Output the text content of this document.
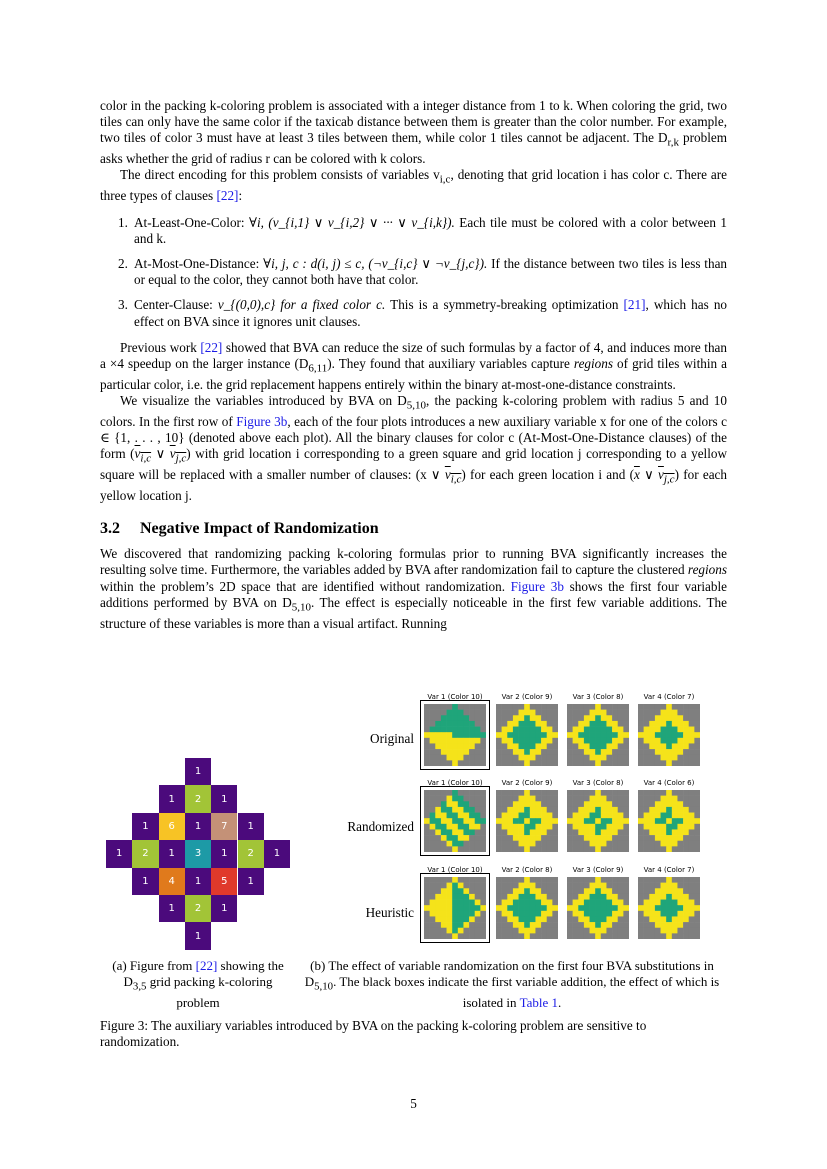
color in the packing k-coloring problem is associated with a integer distance from 1 to k. When coloring the grid, two tiles can only have the same color if the taxicab distance between them is greater than the color number. For example, two tiles of color 3 must have at least 3 tiles between them, while color 1 tiles cannot be adjacent. The $D_{r,k}$ problem asks whether the grid of radius r can be colored with k colors.

The direct encoding for this problem consists of variables $v_{i,c}$, denoting that grid location i has color c. There are three types of clauses [22]:

1. At-Least-One-Color: ∀i, (v_{i,1} ∨ v_{i,2} ∨ ··· ∨ v_{i,k}). Each tile must be colored with a color between 1 and k.
2. At-Most-One-Distance: ∀i, j, c : d(i, j) ≤ c, (¬v_{i,c} ∨ ¬v_{j,c}). If the distance between two tiles is less than or equal to the color, they cannot both have that color.
3. Center-Clause: v_{(0,0),c} for a fixed color c. This is a symmetry-breaking optimization [21], which has no effect on BVA since it ignores unit clauses.

Previous work [22] showed that BVA can reduce the size of such formulas by a factor of 4, and induces more than a ×4 speedup on the larger instance $(D_{6,11})$. They found that auxiliary variables capture regions of grid tiles within a particular color, i.e. the grid replacement happens entirely within the binary at-most-one-distance constraints.

We visualize the variables introduced by BVA on $D_{5,10}$, the packing k-coloring problem with radius 5 and 10 colors. In the first row of Figure 3b, each of the four plots introduces a new auxiliary variable x for one of the colors c ∈ {1, . . . , 10} (denoted above each plot). All the binary clauses for color c (At-Most-One-Distance clauses) of the form ($v_{i,c}$ ∨ $v_{j,c}$) with grid location i corresponding to a green square and grid location j corresponding to a yellow square will be replaced with a smaller number of clauses: (x ∨ $v_{i,c}$) for each green location i and ($\overline{x}$ ∨ $v_{j,c}$) for each yellow location j.

3.2 Negative Impact of Randomization

We discovered that randomizing packing k-coloring formulas prior to running BVA significantly increases the resulting solve time. Furthermore, the variables added by BVA after randomization fail to capture the clustered regions within the problem’s 2D space that are identified without randomization. Figure 3b shows the first four variable additions performed by BVA on $D_{5,10}$. The effect is especially noticeable in the first few variable additions. The structure of these variables is more than a visual artifact. Running

1
1	2	1
1	6	1	7	1
1	2	1	3	1	2	1
1	4	1	5	1
1	2	1
1
Original
Randomized
Heuristic
Var 1 (Color 10)	Var 2 (Color 9)	Var 3 (Color 8)	Var 4 (Color 7)
Var 1 (Color 10)	Var 2 (Color 9)	Var 3 (Color 8)	Var 4 (Color 6)
Var 1 (Color 10)	Var 2 (Color 8)	Var 3 (Color 9)	Var 4 (Color 7)
(a) Figure from [22] showing the $D_{3,5}$ grid packing k-coloring problem
(b) The effect of variable randomization on the first four BVA substitutions in $D_{5,10}$. The black boxes indicate the first variable addition, the effect of which is isolated in Table 1.

Figure 3: The auxiliary variables introduced by BVA on the packing k-coloring problem are sensitive to randomization.

5
